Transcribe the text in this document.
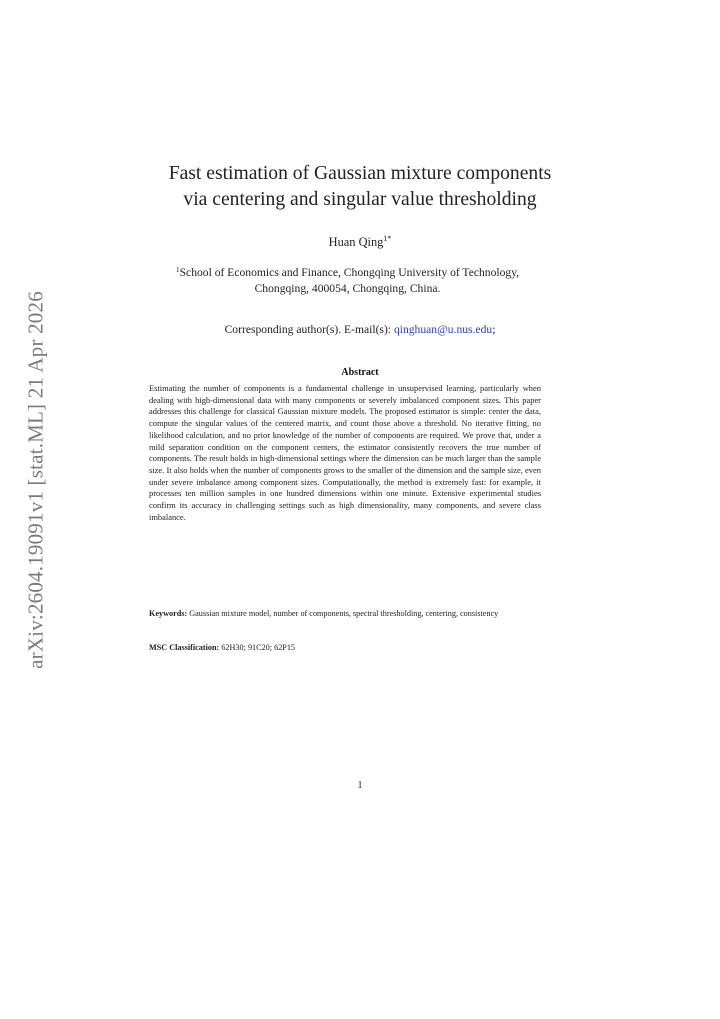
arXiv:2604.19091v1 [stat.ML] 21 Apr 2026
Fast estimation of Gaussian mixture components
via centering and singular value thresholding
Huan Qing$^{1*}$
$^1$School of Economics and Finance, Chongqing University of Technology,
Chongqing, 400054, Chongqing, China.
Corresponding author(s). E-mail(s): qinghuan@u.nus.edu;
Abstract
Estimating the number of components is a fundamental challenge in unsupervised learning, particularly when dealing with high-dimensional data with many components or severely imbalanced component sizes. This paper addresses this challenge for classical Gaussian mixture models. The proposed estimator is simple: center the data, compute the singular values of the centered matrix, and count those above a threshold. No iterative fitting, no likelihood calculation, and no prior knowledge of the number of components are required. We prove that, under a mild separation condition on the component centers, the estimator consistently recovers the true number of components. The result holds in high-dimensional settings where the dimension can be much larger than the sample size. It also holds when the number of components grows to the smaller of the dimension and the sample size, even under severe imbalance among component sizes. Computationally, the method is extremely fast: for example, it processes ten million samples in one hundred dimensions within one minute. Extensive experimental studies confirm its accuracy in challenging settings such as high dimensionality, many components, and severe class imbalance.
Keywords: Gaussian mixture model, number of components, spectral thresholding, centering, consistency
MSC Classification: 62H30; 91C20; 62P15
1
